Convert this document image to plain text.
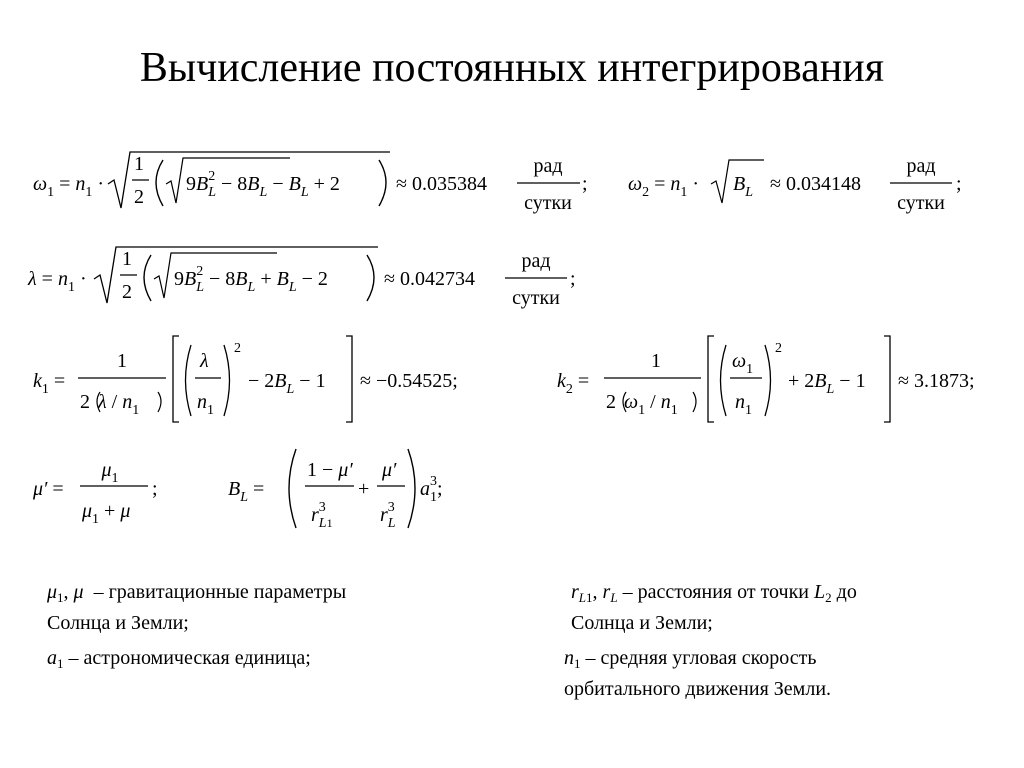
Вычисление постоянных интегрирования
$\omega_1 = n_1$ ·
1
2
$9B^2$ $L - 8B_L - B_L + 2$	≈ 0.035384
рад
сутки
; $\omega_2 = n_1 \cdot B_L \approx 0.034148$
рад
сутки
;
$\lambda = n_1$ ·
1
2
$9B^2$ $L - 8B_L + B_L - 2$	≈ 0.042734
рад
сутки
;
$k_1$ =
1
2 λ / $n_1$
λ
$n_1$
2
− $2B_L - 1 \approx -0.54525$;	$k_2$ =
1
2 $\omega_1 / n_1$
$\omega_1$
$n_1$
2
+ $2B_L - 1 \approx 3.1873$;
μ′ =
$\mu_1$
$\mu_1 + \mu$
;	$B_L$ =
1 − μ′
$r^3$ L1
+
μ′
$r^3$ L
$a^3$ 1;
$\mu_1$, μ  – гравитационные параметры
Солнца и Земли;
$a_1$ – астрономическая единица;
$r_{L1}$, $r_L$ – расстояния от точки $L_2$ до
Солнца и Земли;
$n_1$ – средняя угловая скорость
орбитального движения Земли.
